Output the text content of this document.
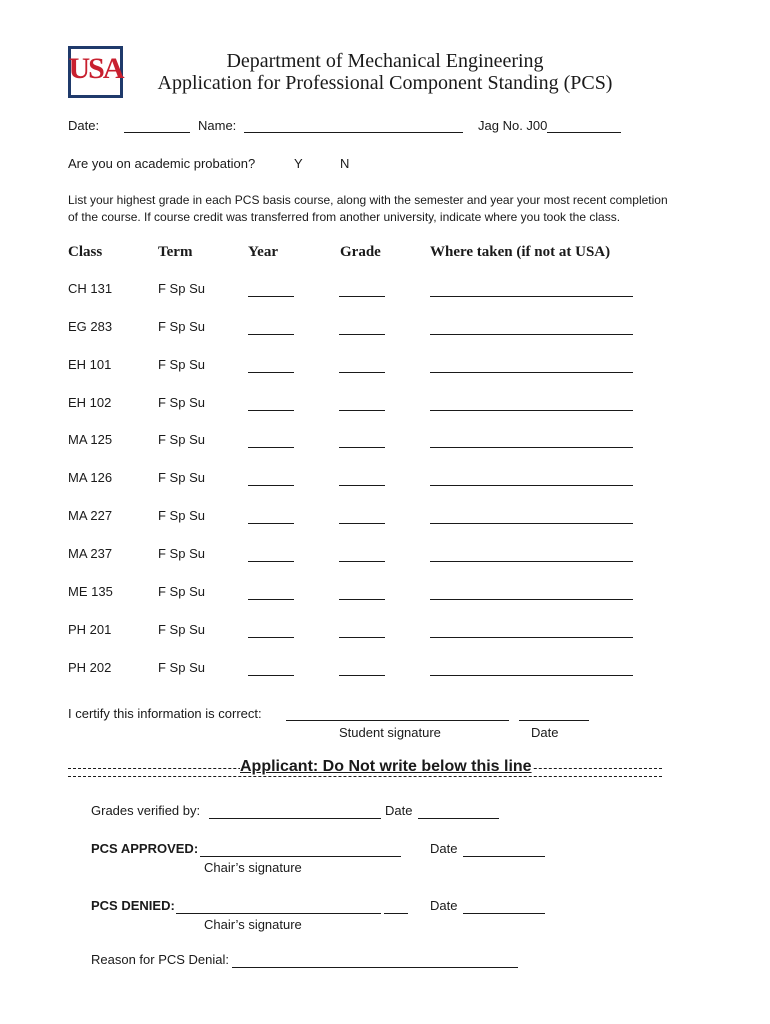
USA	Department of Mechanical Engineering
Application for Professional Component Standing (PCS)
Date:	Name:	Jag No. J00
Are you on academic probation?	Y	N
List your highest grade in each PCS basis course, along with the semester and year your most recent completion
of the course. If course credit was transferred from another university, indicate where you took the class.
Class	Term	Year	Grade	Where taken (if not at USA)
CH 131	F Sp Su
EG 283	F Sp Su
EH 101	F Sp Su
EH 102	F Sp Su
MA 125	F Sp Su
MA 126	F Sp Su
MA 227	F Sp Su
MA 237	F Sp Su
ME 135	F Sp Su
PH 201	F Sp Su
PH 202	F Sp Su
I certify this information is correct:
Student signature	Date
Applicant: Do Not write below this line
Grades verified by:	Date
PCS APPROVED:	Date
Chair’s signature
PCS DENIED:	Date
Chair’s signature
Reason for PCS Denial:
